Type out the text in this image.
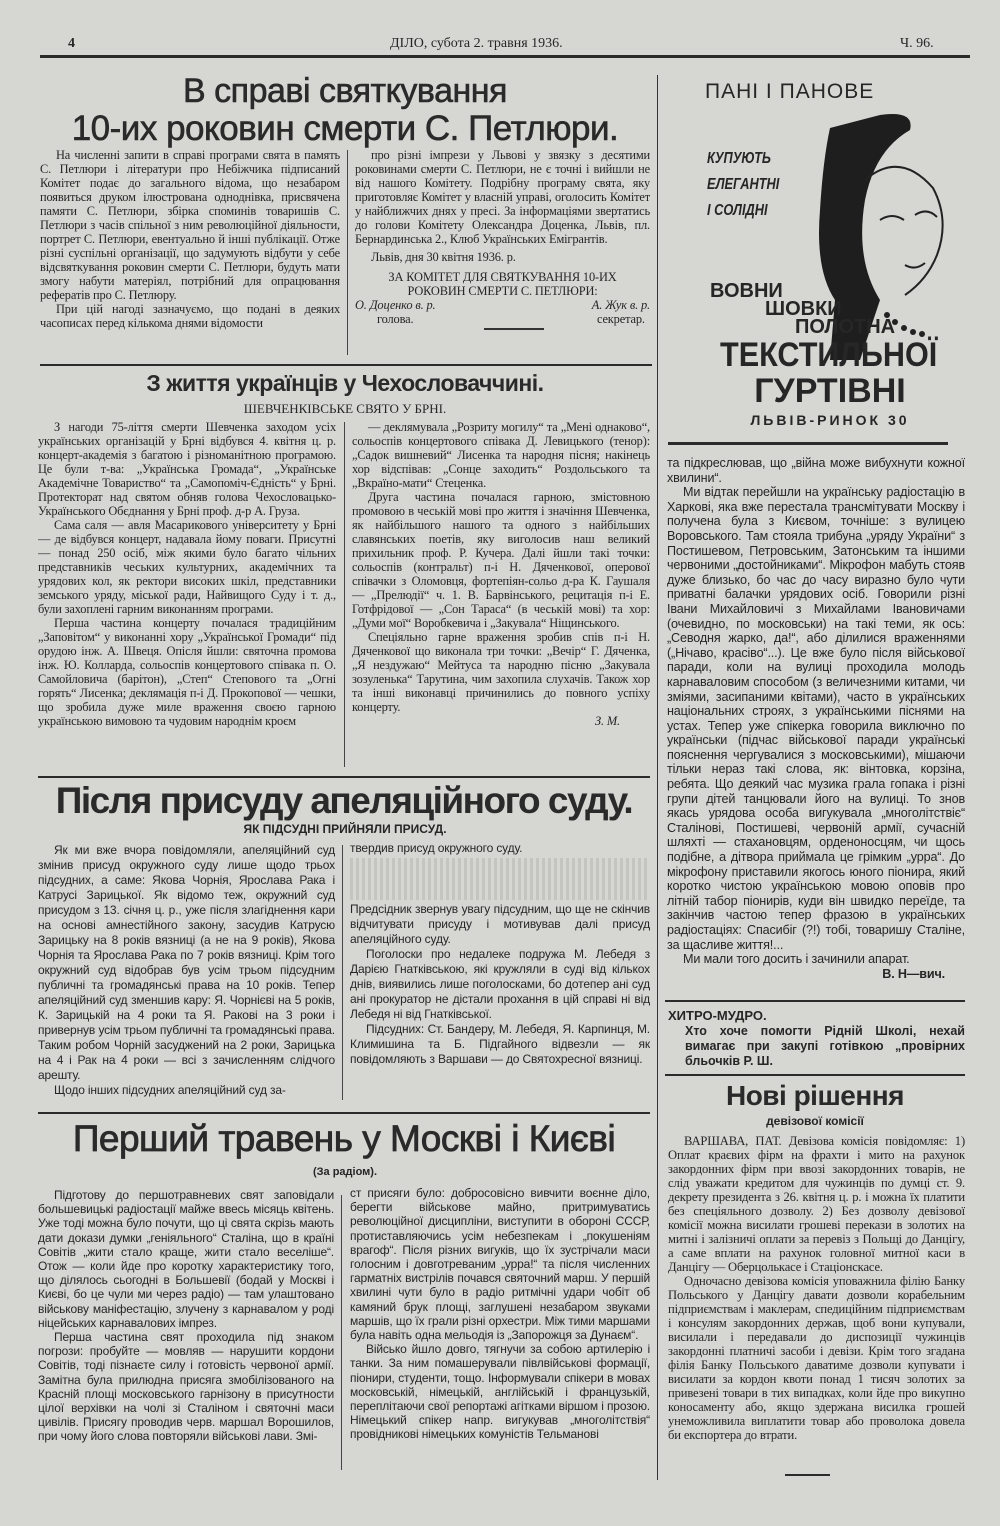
4	ДІЛО, субота 2. травня 1936.	Ч. 96.
В справі святкування
10-их роковин смерти С. Петлюри.

На численні запити в справі програми свята в память С. Петлюри і літератури про Небіжчика підписаний Комітет подає до загального відома, що незабаром появиться друком ілюстрована одноднівка, присвячена памяти С. Петлюри, збірка споминів товаришів С. Петлюри з часів спільної з ним революційної діяльности, портрет С. Петлюри, евентуально й інші публікації. Отже різні суспільні організації, що задумують відбути у себе відсвяткування роковин смерти С. Петлюри, будуть мати змогу набути матеріял, потрібний для опрацювання рефератів про С. Петлюру.

При цій нагоді зазначуємо, що подані в деяких часописах перед кількома днями відомости

про різні імпрези у Львові у звязку з десятими роковинами смерти С. Петлюри, не є точні і вийшли не від нашого Комітету. Подрібну програму свята, яку приготовляє Комітет у власній управі, оголосить Комітет у найближчих днях у пресі. За інформаціями звертатись до голови Комітету Олександра Доценка, Львів, пл. Бернардинська 2., Клюб Українських Емігрантів.

Львів, дня 30 квітня 1936. р.

ЗА КОМІТЕТ ДЛЯ СВЯТКУВАННЯ 10-ИХ РОКОВИН СМЕРТИ С. ПЕТЛЮРИ:

О. Доценко в. р.
голова.
А. Жук в. р.
секретар.
ПАНІ І ПАНОВЕ
КУПУЮТЬ
ЕЛЕГАНТНІ
І СОЛІДНІ
ВОВНИ
ШОВКИ
ПОЛОТНА
ТЕКСТИЛЬНОЇ
ГУРТІВНІ
ЛЬВІВ-РИНОК 30
З життя українців у Чехословаччині.
ШЕВЧЕНКІВСЬКЕ СВЯТО У БРНІ.

З нагоди 75-ліття смерти Шевченка заходом усіх українських організацій у Брні відбувся 4. квітня ц. р. концерт-академія з багатою і різноманітною програмою. Це були т-ва: „Українська Громада“, „Українське Академічне Товариство“ та „Самопоміч-Єдність“ у Брні. Протекторат над святом обняв голова Чехословацько-Українського Обєднання у Брні проф. д-р А. Груза.

Сама саля — авля Масарикового університету у Брні — де відбувся концерт, надавала йому поваги. Присутні — понад 250 осіб, між якими було багато чільних представників чеських культурних, академічних та урядових кол, як ректори високих шкіл, представники земського уряду, міської ради, Найвищого Суду і т. д., були захоплені гарним виконанням програми.

Перша частина концерту почалася традиційним „Заповітом“ у виконанні хору „Української Громади“ під орудою інж. А. Швеця. Опісля йшли: святочна промова інж. Ю. Колларда, сольоспів концертового співака п. О. Самойловича (барітон), „Степ“ Степового та „Огні горять“ Лисенка; деклямація п-і Д. Прокопової — чешки, що зробила дуже миле враження своєю гарною українською вимовою та чудовим народнім кроєм

— деклямувала „Розриту могилу“ та „Мені однаково“, сольоспів концертового співака Д. Левицького (тенор): „Садок вишневий“ Лисенка та народня пісня; накінець хор відспівав: „Сонце заходить“ Роздольського та „Вкраїно-мати“ Стеценка.

Друга частина почалася гарною, змістовною промовою в чеській мові про життя і значіння Шевченка, як найбільшого нашого та одного з найбільших славянських поетів, яку виголосив наш великий прихильник проф. Р. Кучера. Далі йшли такі точки: сольоспів (контральт) п-і Н. Дяченкової, оперової співачки з Оломовця, фортепіян-сольо д-ра К. Гаушаля — „Прелюдії“ ч. 1. В. Барвінського, рецитація п-і Е. Готфрідової — „Сон Тараса“ (в чеській мові) та хор: „Думи мої“ Воробкевича і „Закувала“ Ніщинського.

Спеціяльно гарне враження зробив спів п-і Н. Дяченкової що виконала три точки: „Вечір“ Г. Дяченка, „Я нездужаю“ Мейтуса та народню пісню „Закувала зозуленька“ Тарутина, чим захопила слухачів. Також хор та інші виконавці причинились до повного успіху концерту.

З. М.

та підкреслював, що „війна може вибухнути кожної хвилини“.

Ми відтак перейшли на українську радіостацію в Харкові, яка вже перестала трансмітувати Москву і получена була з Києвом, точніше: з вулицею Воровського. Там стояла трибуна „уряду України“ з Постишевом, Петровським, Затонським та іншими червоними „достойниками“. Мікрофон мабуть стояв дуже близько, бо час до часу виразно було чути приватні балачки урядових осіб. Говорили різні Івани Михайловичі з Михайлами Івановичами (очевидно, по московськи) на такі теми, як ось: „Севодня жарко, да!“, або ділилися враженнями („Нічаво, красіво“...). Це вже було після військової паради, коли на вулиці проходила молодь карнаваловим способом (з величезними китами, чи зміями, засипаними квітами), часто в українських національних строях, з українськими піснями на устах. Тепер уже спікерка говорила виключно по українськи (підчас військової паради українські пояснення чергувалися з московськими), мішаючи тільки нераз такі слова, як: вінтовка, корзіна, ребята. Що деякий час музика грала гопака і різні групи дітей танцювали його на вулиці. То знов якась урядова особа вигукувала „многолітствіє“ Сталінові, Постишеві, червоній армії, сучасній шляхті — стахановцям, орденоносцям, чи щось подібне, а дітвора приймала це грімким „урра“. До мікрофону приставили якогось юного піонира, який коротко чистою українською мовою оповів про літній табор піонирів, куди він швидко переїде, та закінчив частою тепер фразою в українських радіостаціях: Спасибіг (?!) тобі, товаришу Сталіне, за щасливе життя!...

Ми мали того досить і зачинили апарат.

В. Н—вич.

ХИТРО-МУДРО.
Хто хоче помогти Рідній Школі, нехай вимагає при закупі готівкою „провірних бльочків Р. Ш.
Після присуду апеляційного суду.
ЯК ПІДСУДНІ ПРИЙНЯЛИ ПРИСУД.

Як ми вже вчора повідомляли, апеляційний суд змінив присуд окружного суду лише щодо трьох підсудних, а саме: Якова Чорнія, Ярослава Рака і Катрусі Зарицької. Як відомо теж, окружний суд присудом з 13. січня ц. р., уже після злагіднення кари на основі амнестійного закону, засудив Катрусю Зарицьку на 8 років вязниці (а не на 9 років), Якова Чорнія та Ярослава Рака по 7 років вязниці. Крім того окружний суд відобрав був усім трьом підсудним публичні та громадянські права на 10 років. Тепер апеляційний суд зменшив кару: Я. Чорнієві на 5 років, К. Зарицькій на 4 роки та Я. Ракові на 3 роки і привернув усім трьом публичні та громадянські права. Таким робом Чорній засуджений на 2 роки, Зарицька на 4 і Рак на 4 роки — всі з зачисленням слідчого арешту.

Щодо інших підсудних апеляційний суд за-

твердив присуд окружного суду.

Предсідник звернув увагу підсудним, що ще не скінчив відчитувати присуду і мотивував далі присуд апеляційного суду.

Поголоски про недалеке подружа М. Лебедя з Дарією Гнатківською, які кружляли в суді від кількох днів, виявились лише поголосками, бо дотепер ані суд ані прокуратор не дістали прохання в цій справі ні від Лебедя ні від Гнатківської.

Підсудних: Ст. Бандеру, М. Лебедя, Я. Карпинця, М. Климишина та Б. Підгайного відвезли — як повідомляють з Варшави — до Святохресної вязниці.

Перший травень у Москві і Києві
(За радіом).

Підготову до першотравневих свят заповідали большевицькі радіостації майже ввесь місяць квітень. Уже тоді можна було почути, що ці свята скрізь мають дати докази думки „геніяльного“ Сталіна, що в країні Совітів „жити стало краще, жити стало веселіше“. Отож — коли йде про коротку характеристику того, що ділялось сьогодні в Большевії (бодай у Москві і Києві, бо це чули ми через радіо) — там улаштовано військову маніфестацію, злучену з карнавалом у роді ніцейських карнавалових імпрез.

Перша частина свят проходила під знаком погрози: пробуйте — мовляв — нарушити кордони Совітів, тоді пізнаєте силу і готовість червоної армії. Замітна була прилюдна присяга змобілізованого на Красній площі московського гарнізону в присутности цілої верхівки на чолі зі Сталіном і святочні маси цивілів. Присягу проводив черв. маршал Ворошилов, при чому його слова повторяли військові лави. Змі-

ст присяги було: добросовісно вивчити воєнне діло, берегти військове майно, притримуватись революційної дисципліни, виступити в обороні СССР, протиставляючись усім небезпекам і „покушеніям врагоф“. Після різних вигуків, що їх зустрічали маси голосним і довготреваним „урра!“ та після численних гарматніх вистрілів почався святочний марш. У першій хвилині чути було в радіо ритмічні удари чобіт об камяний брук площі, заглушені незабаром звуками маршів, що їх грали різні орхестри. Між тими маршами була навіть одна мельодія із „Запорожця за Дунаєм“.

Військо йшло довго, тягнучи за собою артилерію і танки. За ним помашерували півлвійськові формації, піонири, студенти, тощо. Інформували спікери в мовах московській, німецькій, англійській і французькій, переплітаючи свої репортажі агітками віршом і прозою. Німецький спікер напр. вигукував „многолітствія“ провідникові німецьких комуністів Тельманові

Нові рішення
девізової комісії

ВАРШАВА, ПАТ. Девізова комісія повідомляє: 1) Оплат краєвих фірм на фрахти і мито на рахунок закордонних фірм при ввозі закордонних товарів, не слід уважати кредитом для чужинців по думці ст. 9. декрету президента з 26. квітня ц. р. і можна їх платити без спеціяльного дозволу. 2) Без дозволу девізової комісії можна висилати грошеві перекази в золотих на митні і залізничі оплати за перевіз з Польщі до Данцігу, а саме вплати на рахунок головної митної каси в Данцігу — Оберцолькасе і Стаціонскасе.

Одночасно девізова комісія уповажнила філію Банку Польського у Данцігу давати дозволи корабельним підприємствам і маклерам, спедиційним підприємствам і консулям закордонних держав, щоб вони купували, висилали і передавали до диспозиції чужинців закордонні платничі засоби і девізи. Крім того згадана філія Банку Польського даватиме дозволи купувати і висилати за кордон квоти понад 1 тисяч золотих за привезені товари в тих випадках, коли йде про викупно коносаменту або, якщо здержана висилка грошей унеможливила виплатити товар або проволока довела би експортера до втрати.
